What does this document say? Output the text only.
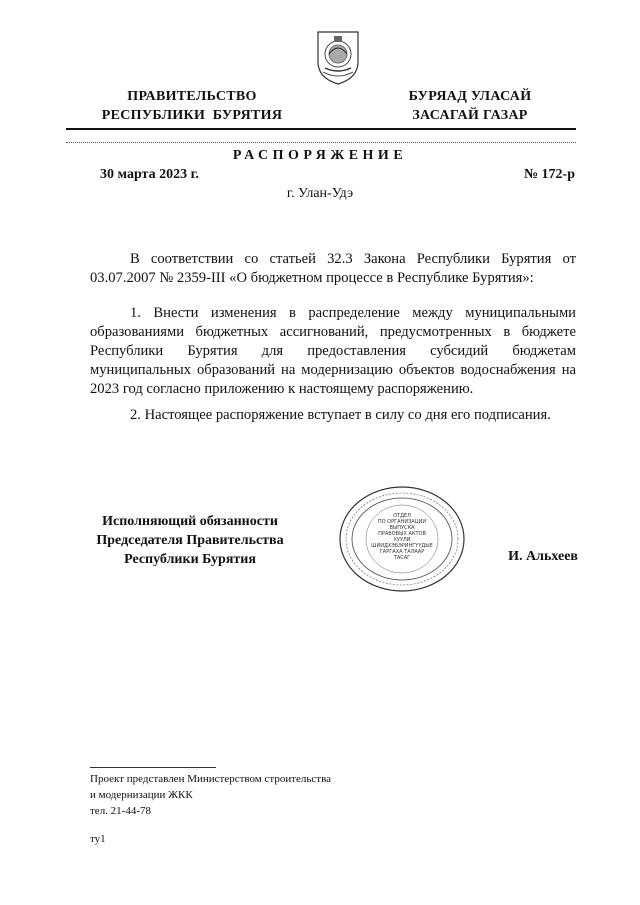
ПРАВИТЕЛЬСТВО
РЕСПУБЛИКИ  БУРЯТИЯ
БУРЯАД УЛАСАЙ
ЗАСАГАЙ ГАЗАР
РАСПОРЯЖЕНИЕ
30 марта 2023 г.	№ 172-р
г. Улан-Удэ
В соответствии со статьей 32.3 Закона Республики Бурятия от 03.07.2007 № 2359-III «О бюджетном процессе в Республике Бурятия»:
1. Внести изменения в распределение между муниципальными образованиями бюджетных ассигнований, предусмотренных в бюджете Республики Бурятия для предоставления субсидий бюджетам муниципальных образований на модернизацию объектов водоснабжения на 2023 год согласно приложению к настоящему распоряжению.
2. Настоящее распоряжение вступает в силу со дня его подписания.
Исполняющий обязанности
Председателя Правительства
Республики Бурятия
ОТДЕЛ
ПО ОРГАНИЗАЦИИ
ВЫПУСКА
ПРАВОВЫХ АКТОВ
ХУУЛИ
ШИИДХЭБЭРИНГҮҮДЫЕ
ГАРГАХА ТАЛААР
ТАСАГ	И. Альхеев
Проект представлен Министерством строительства
и модернизации ЖКК
тел. 21-44-78
ту1
